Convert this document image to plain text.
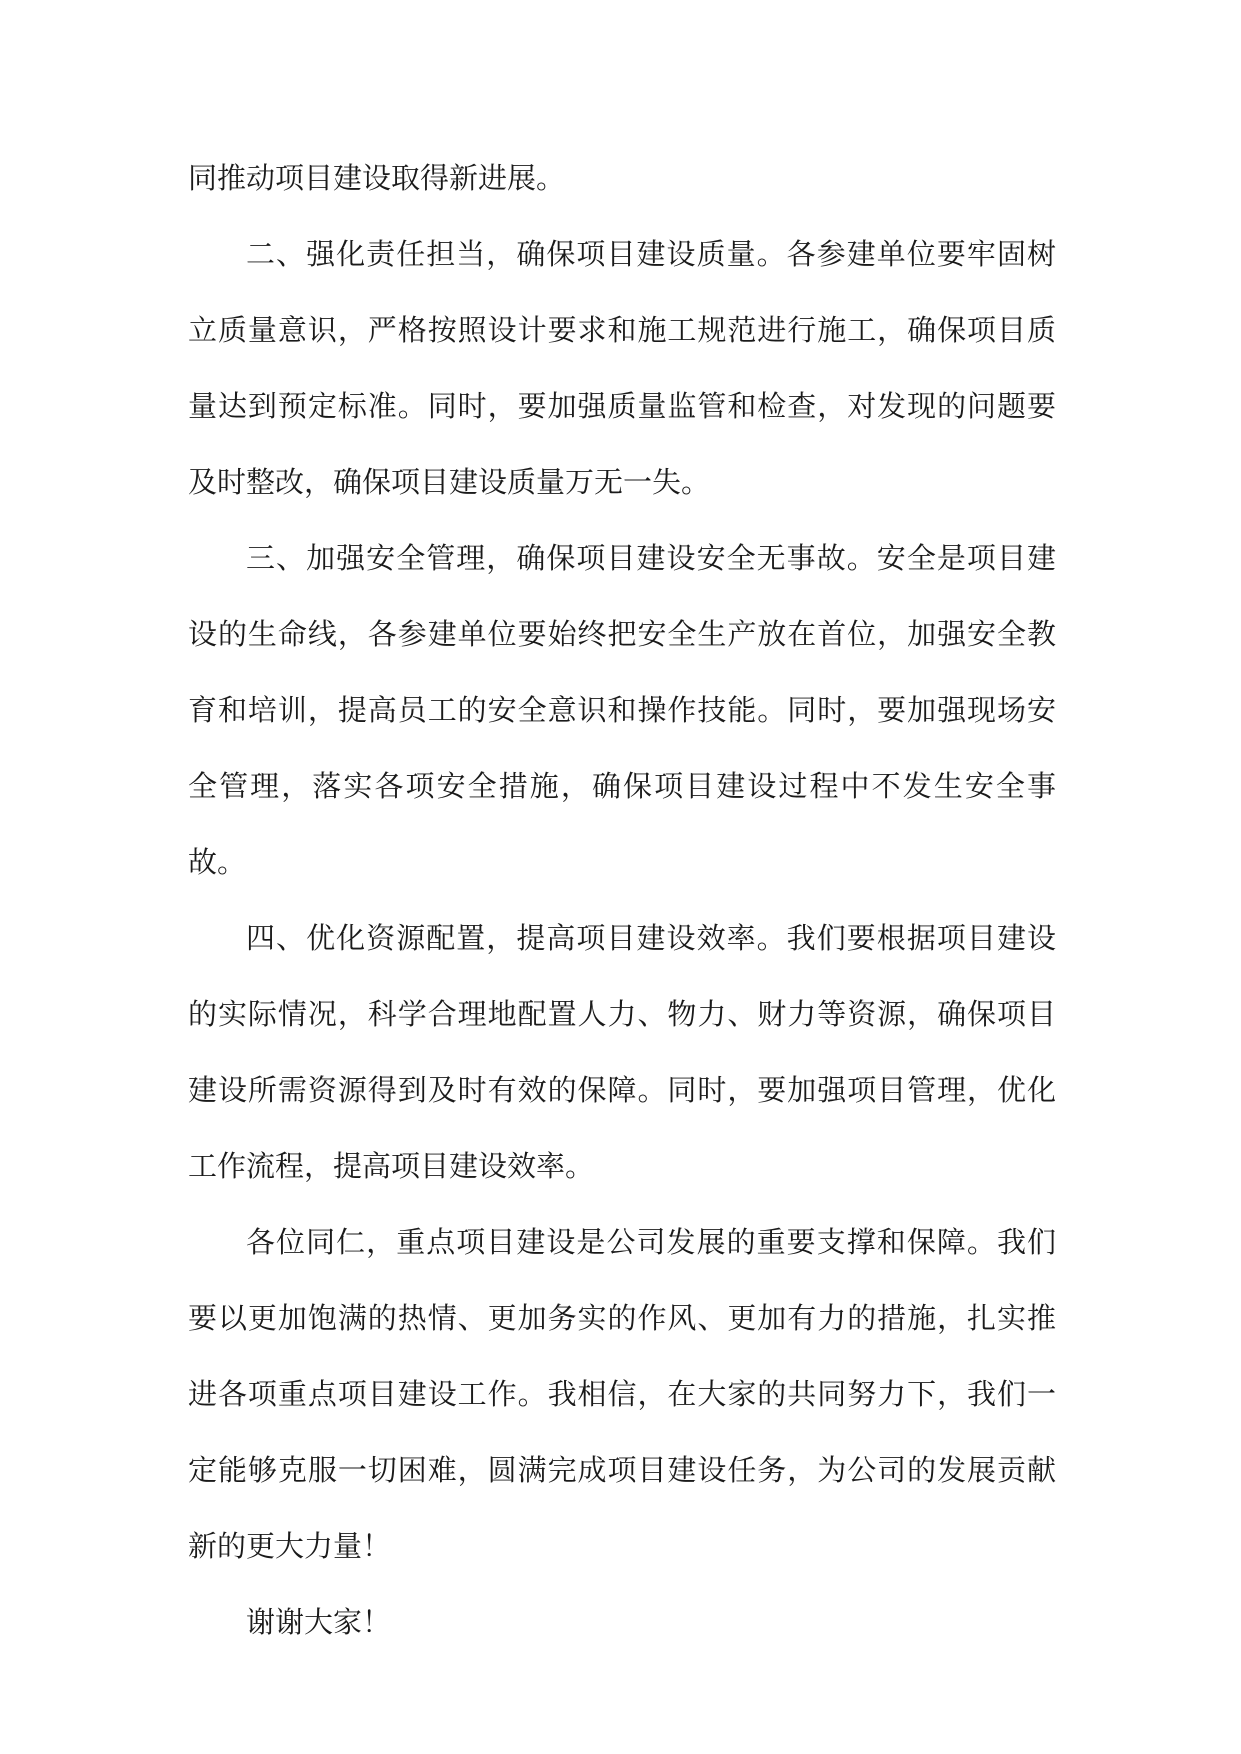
同推动项目建设取得新进展。

二、强化责任担当，确保项目建设质量。各参建单位要牢固树立质量意识，严格按照设计要求和施工规范进行施工，确保项目质量达到预定标准。同时，要加强质量监管和检查，对发现的问题要及时整改，确保项目建设质量万无一失。

三、加强安全管理，确保项目建设安全无事故。安全是项目建设的生命线，各参建单位要始终把安全生产放在首位，加强安全教育和培训，提高员工的安全意识和操作技能。同时，要加强现场安全管理，落实各项安全措施，确保项目建设过程中不发生安全事故。

四、优化资源配置，提高项目建设效率。我们要根据项目建设的实际情况，科学合理地配置人力、物力、财力等资源，确保项目建设所需资源得到及时有效的保障。同时，要加强项目管理，优化工作流程，提高项目建设效率。

各位同仁，重点项目建设是公司发展的重要支撑和保障。我们要以更加饱满的热情、更加务实的作风、更加有力的措施，扎实推进各项重点项目建设工作。我相信，在大家的共同努力下，我们一定能够克服一切困难，圆满完成项目建设任务，为公司的发展贡献新的更大力量！

谢谢大家！
